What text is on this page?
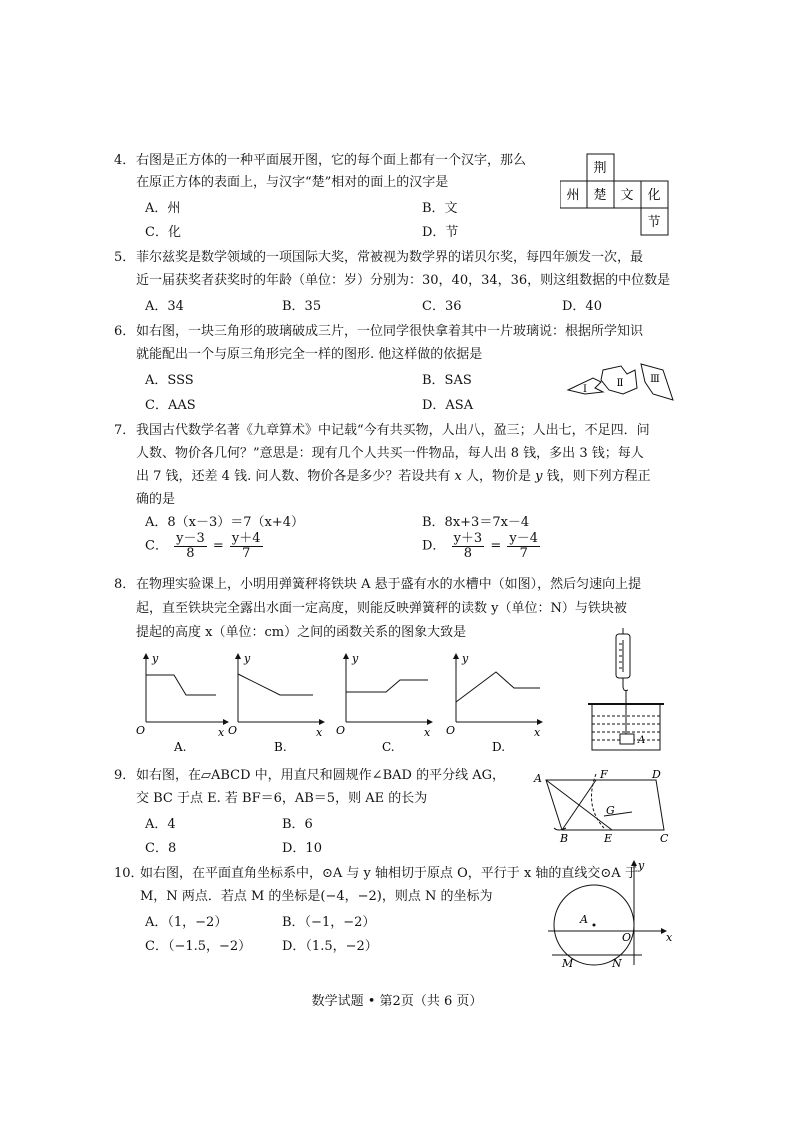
4． 右图是正方体的一种平面展开图，它的每个面上都有一个汉字，那么
在原正方体的表面上，与汉字“楚”相对的面上的汉字是
A．州	B．文
C．化	D．节
荆
州 楚 文 化
节
5． 菲尔兹奖是数学领域的一项国际大奖，常被视为数学界的诺贝尔奖，每四年颁发一次，最
近一届获奖者获奖时的年龄（单位：岁）分别为：30，40，34，36，则这组数据的中位数是
A．34	B．35	C．36	D．40
6． 如右图，一块三角形的玻璃破成三片，一位同学很快拿着其中一片玻璃说：根据所学知识
就能配出一个与原三角形完全一样的图形. 他这样做的依据是
A．SSS	B．SAS
C．AAS	D．ASA
Ⅰ
Ⅱ	Ⅲ
7． 我国古代数学名著《九章算术》中记载“今有共买物，人出八，盈三；人出七，不足四．问
人数、物价各几何？”意思是：现有几个人共买一件物品，每人出 8 钱，多出 3 钱；每人
出 7 钱，还差 4 钱. 问人数、物价各是多少？若设共有 x 人，物价是 y 钱，则下列方程正
确的是
A．8（x－3）＝7（x+4）	B．8x+3＝7x－4
C． $\frac{y-3}{8} = \frac{y+4}{7}$	D． $\frac{y+3}{8} = \frac{y-4}{7}$
8． 在物理实验课上，小明用弹簧秤将铁块 A 悬于盛有水的水槽中（如图），然后匀速向上提
起，直至铁块完全露出水面一定高度，则能反映弹簧秤的读数 y（单位：N）与铁块被
提起的高度 x（单位：cm）之间的函数关系的图象大致是
y
x
O
y
x
O
y
x
O
y
x
O
A.	B.	C.	D.	A
9． 如右图，在▱ABCD 中，用直尺和圆规作∠BAD 的平分线 AG，
交 BC 于点 E. 若 BF＝6，AB＝5，则 AE 的长为
A．4	B．6
C．8	D．10
A	F	D
G
B	E	C
10．
如右图，在平面直角坐标系中，⊙A 与 y 轴相切于原点 O，平行于 x 轴的直线交⊙A 于
M，N 两点．若点 M 的坐标是(−4，−2)，则点 N 的坐标为
A．（1，−2）	B．（−1，−2）
C．（−1.5，−2） D．（1.5，−2）
y
A
O	x
M	N
数学试题 • 第2页（共 6 页）
